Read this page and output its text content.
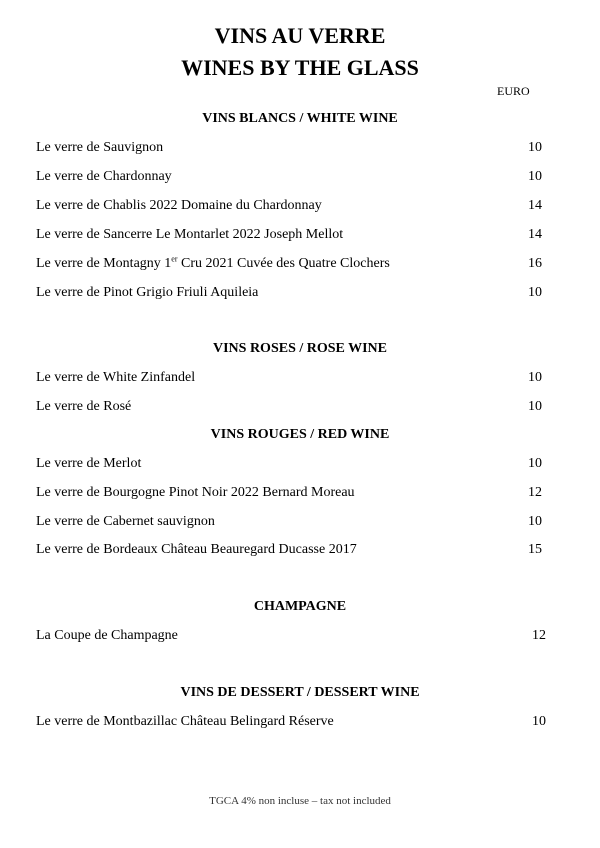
VINS AU VERRE
WINES BY THE GLASS
EURO
VINS BLANCS / WHITE WINE
Le verre de Sauvignon	10
Le verre de Chardonnay	10
Le verre de Chablis 2022 Domaine du Chardonnay	14
Le verre de Sancerre Le Montarlet 2022 Joseph Mellot	14
Le verre de Montagny 1er Cru 2021 Cuvée des Quatre Clochers	16
Le verre de Pinot Grigio Friuli Aquileia	10
VINS ROSES / ROSE WINE
Le verre de White Zinfandel	10
Le verre de Rosé	10
VINS ROUGES / RED WINE
Le verre de Merlot	10
Le verre de Bourgogne Pinot Noir 2022 Bernard Moreau	12
Le verre de Cabernet sauvignon	10
Le verre de Bordeaux Château Beauregard Ducasse 2017	15
CHAMPAGNE
La Coupe de Champagne	12
VINS DE DESSERT / DESSERT WINE
Le verre de Montbazillac Château Belingard Réserve	10
TGCA 4% non incluse – tax not included
